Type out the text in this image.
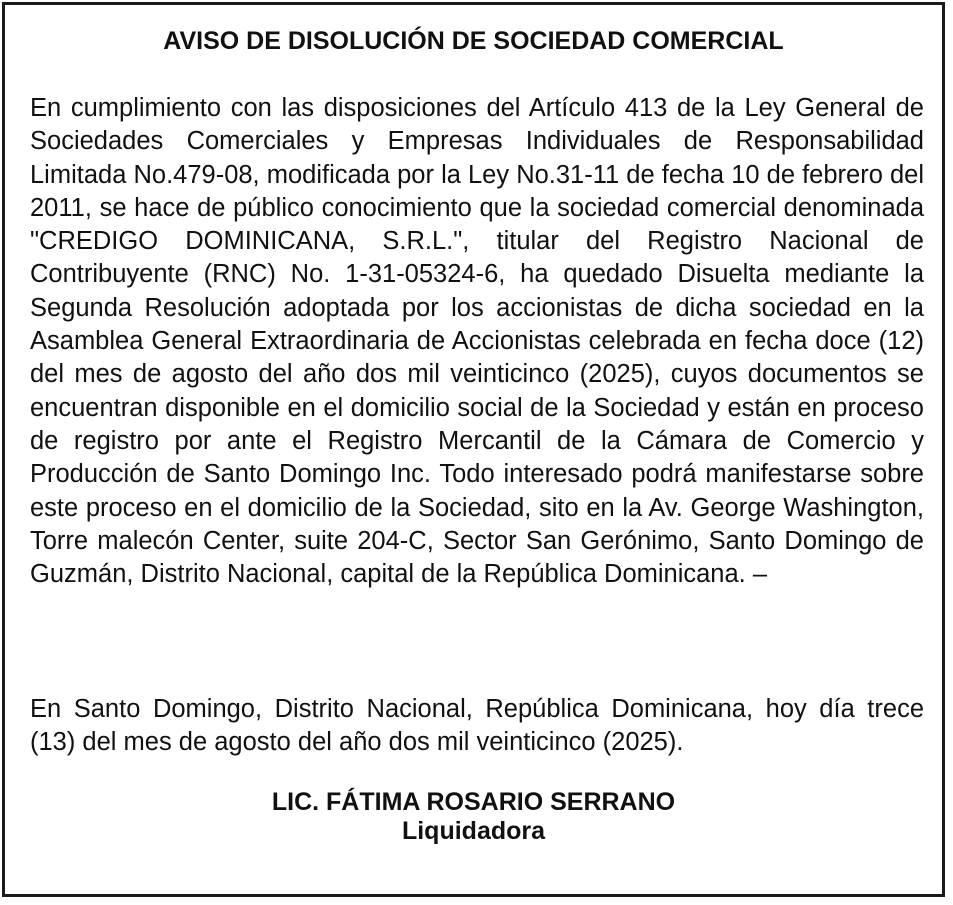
AVISO DE DISOLUCIÓN DE SOCIEDAD COMERCIAL

En cumplimiento con las disposiciones del Artículo 413 de la Ley General de Sociedades Comerciales y Empresas Individuales de Responsabilidad Limitada No.479-08, modificada por la Ley No.31-11 de fecha 10 de febrero del 2011, se hace de público conocimiento que la sociedad comercial denominada "CREDIGO DOMINICANA, S.R.L.", titular del Registro Nacional de Contribuyente (RNC) No. 1-31-05324-6, ha quedado Disuelta mediante la Segunda Resolución adoptada por los accionistas de dicha sociedad en la Asamblea General Extraordinaria de Accionistas celebrada en fecha doce (12) del mes de agosto del año dos mil veinticinco (2025), cuyos documentos se encuentran disponible en el domicilio social de la Sociedad y están en proceso de registro por ante el Registro Mercantil de la Cámara de Comercio y Producción de Santo Domingo Inc. Todo interesado podrá manifestarse sobre este proceso en el domicilio de la Sociedad, sito en la Av. George Washington, Torre malecón Center, suite 204-C, Sector San Gerónimo, Santo Domingo de Guzmán, Distrito Nacional, capital de la República Dominicana. –

En Santo Domingo, Distrito Nacional, República Dominicana, hoy día trece (13) del mes de agosto del año dos mil veinticinco (2025).

LIC. FÁTIMA ROSARIO SERRANO
Liquidadora
